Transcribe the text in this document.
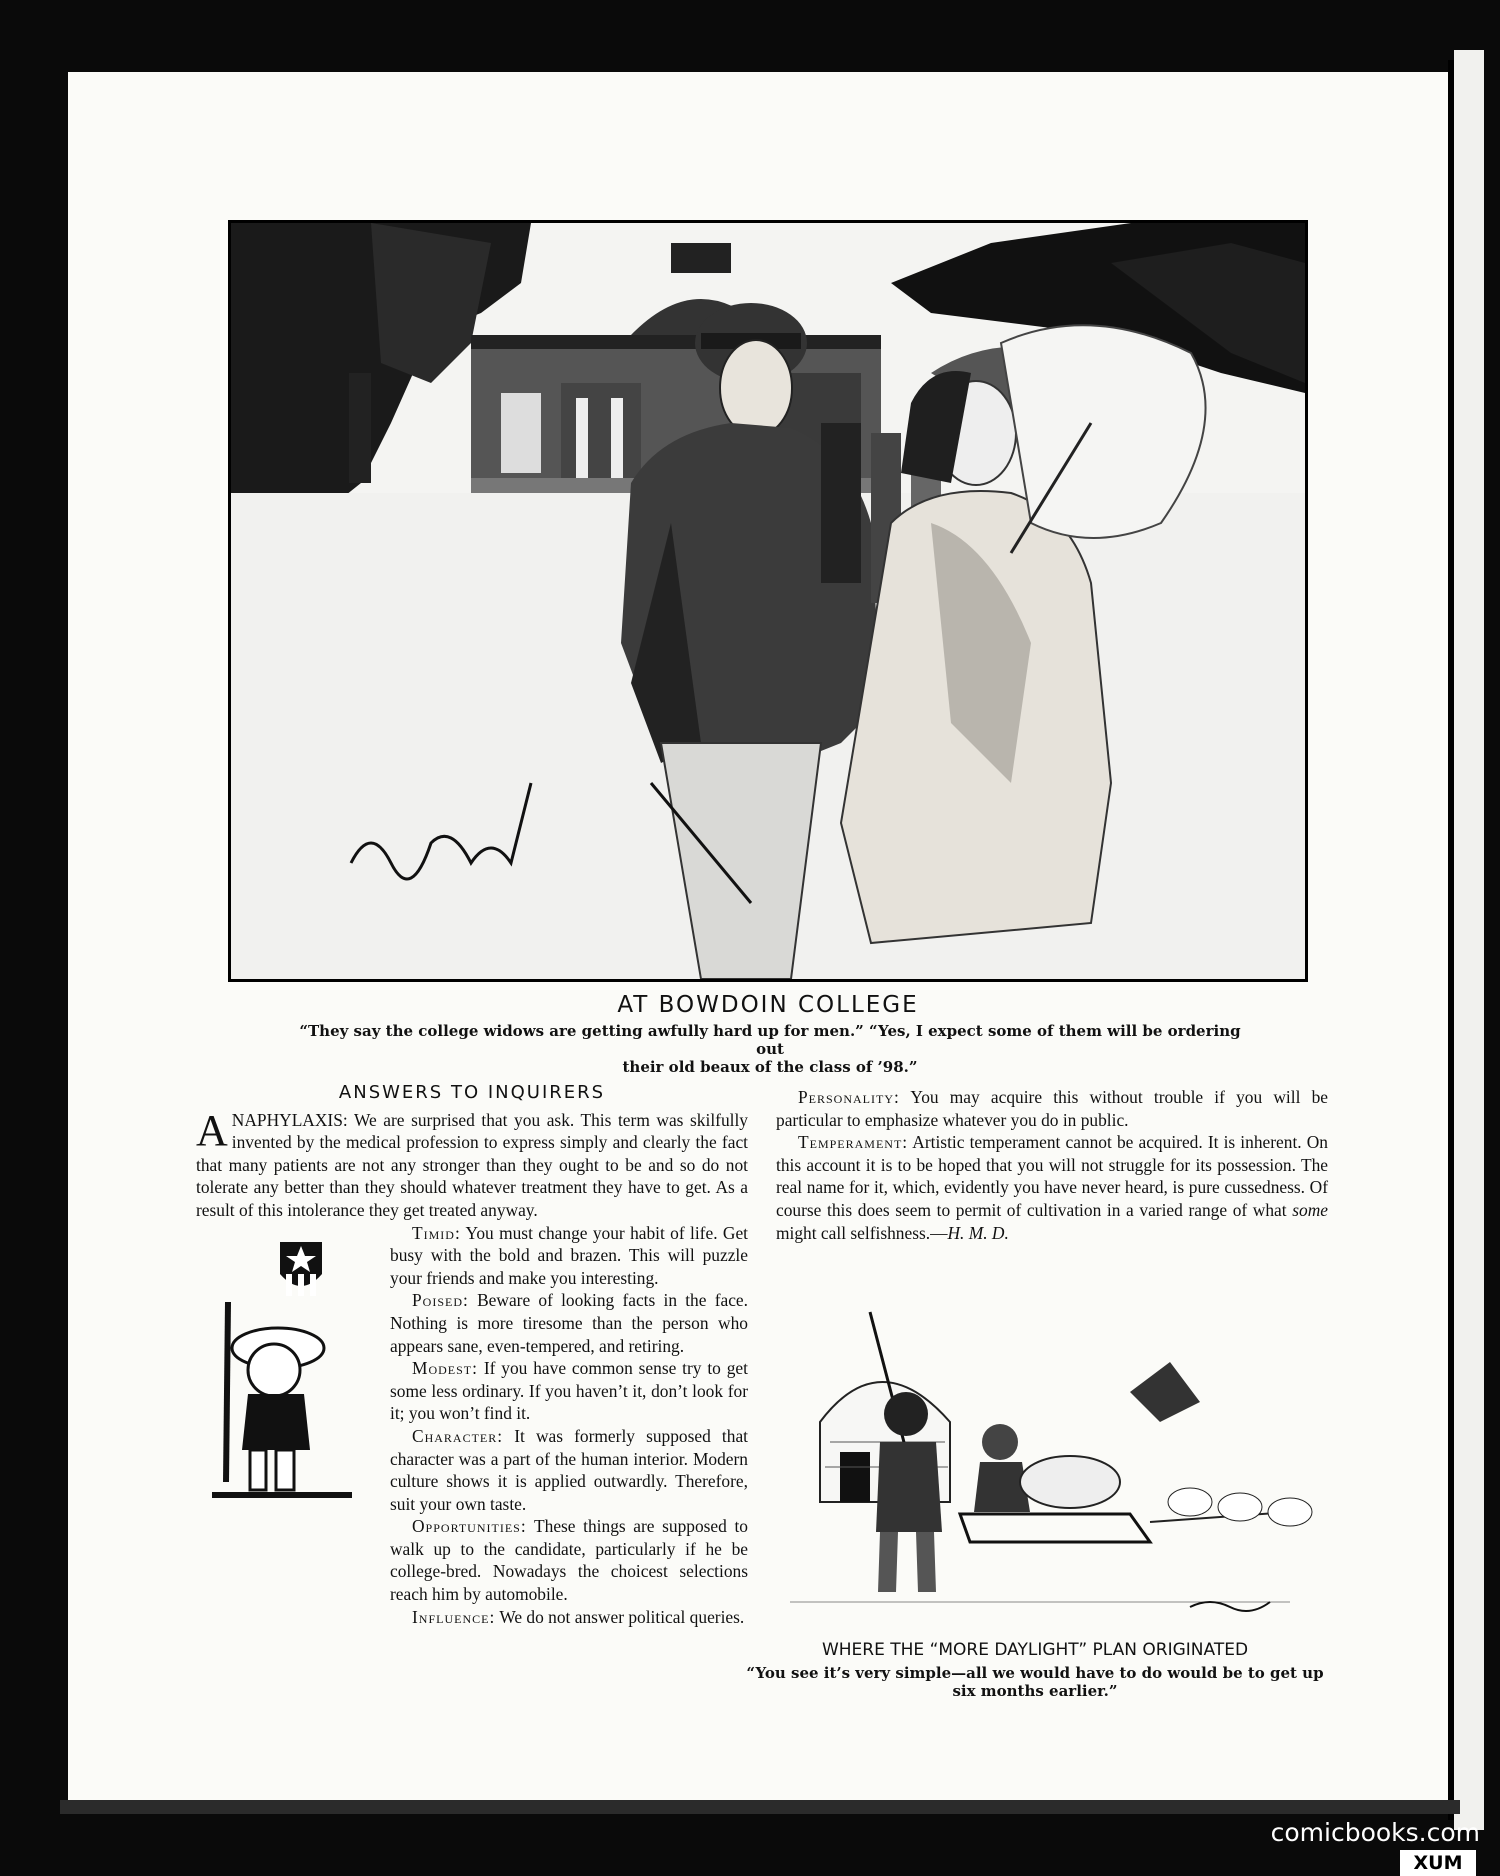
AT BOWDOIN COLLEGE
“They say the college widows are getting awfully hard up for men.” “Yes, I expect some of them will be ordering out
their old beaux of the class of ’98.”
ANSWERS TO INQUIRERS

ANAPHYLAXIS: We are surprised that you ask. This term was skilfully invented by the medical profession to express simply and clearly the fact that many patients are not any stronger than they ought to be and so do not tolerate any better than they should whatever treatment they have to get. As a result of this intolerance they get treated anyway.

Timid: You must change your habit of life. Get busy with the bold and brazen. This will puzzle your friends and make you interesting.

Poised: Beware of looking facts in the face. Nothing is more tiresome than the person who appears sane, even-tempered, and retiring.

Modest: If you have common sense try to get some less ordinary. If you haven’t it, don’t look for it; you won’t find it.

Character: It was formerly supposed that character was a part of the human interior. Modern culture shows it is applied outwardly. Therefore, suit your own taste.

Opportunities: These things are supposed to walk up to the candidate, particularly if he be college-bred. Nowadays the choicest selections reach him by automobile.

Influence: We do not answer political queries.

Personality: You may acquire this without trouble if you will be particular to emphasize whatever you do in public.

Temperament: Artistic temperament cannot be acquired. It is inherent. On this account it is to be hoped that you will not struggle for its possession. The real name for it, which, evidently you have never heard, is pure cussedness. Of course this does seem to permit of cultivation in a varied range of what some might call selfishness.—H. M. D.

WHERE THE “MORE DAYLIGHT” PLAN ORIGINATED
“You see it’s very simple—all we would have to do would be to get up
six months earlier.”
comicbooks.com
XUM
